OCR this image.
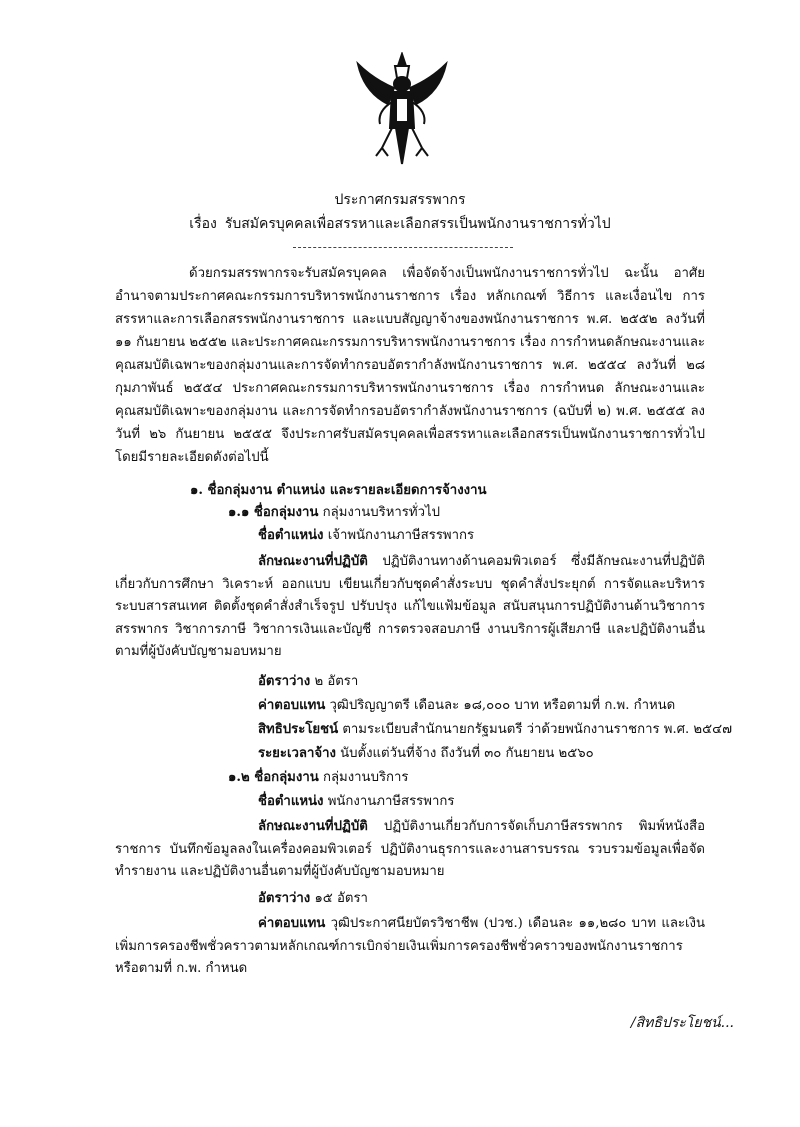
ประกาศกรมสรรพากร
เรื่อง รับสมัครบุคคลเพื่อสรรหาและเลือกสรรเป็นพนักงานราชการทั่วไป
ด้วยกรมสรรพากรจะรับสมัครบุคคล เพื่อจัดจ้างเป็นพนักงานราชการทั่วไป ฉะนั้น อาศัยอำนาจตามประกาศคณะกรรมการบริหารพนักงานราชการ เรื่อง หลักเกณฑ์ วิธีการ และเงื่อนไข การสรรหาและการเลือกสรรพนักงานราชการ และแบบสัญญาจ้างของพนักงานราชการ พ.ศ. ๒๕๕๒ ลงวันที่ ๑๑ กันยายน ๒๕๕๒ และประกาศคณะกรรมการบริหารพนักงานราชการ เรื่อง การกำหนดลักษณะงานและคุณสมบัติเฉพาะของกลุ่มงานและการจัดทำกรอบอัตรากำลังพนักงานราชการ พ.ศ. ๒๕๕๔ ลงวันที่ ๒๘ กุมภาพันธ์ ๒๕๕๔ ประกาศคณะกรรมการบริหารพนักงานราชการ เรื่อง การกำหนด ลักษณะงานและคุณสมบัติเฉพาะของกลุ่มงาน และการจัดทำกรอบอัตรากำลังพนักงานราชการ (ฉบับที่ ๒) พ.ศ. ๒๕๕๕ ลงวันที่ ๒๖ กันยายน ๒๕๕๕ จึงประกาศรับสมัครบุคคลเพื่อสรรหาและเลือกสรรเป็นพนักงานราชการทั่วไป โดยมีรายละเอียดดังต่อไปนี้
๑. ชื่อกลุ่มงาน ตำแหน่ง และรายละเอียดการจ้างงาน
๑.๑ ชื่อกลุ่มงาน กลุ่มงานบริหารทั่วไป
ชื่อตำแหน่ง เจ้าพนักงานภาษีสรรพากร
ลักษณะงานที่ปฏิบัติ ปฏิบัติงานทางด้านคอมพิวเตอร์ ซึ่งมีลักษณะงานที่ปฏิบัติเกี่ยวกับการศึกษา วิเคราะห์ ออกแบบ เขียนเกี่ยวกับชุดคำสั่งระบบ ชุดคำสั่งประยุกต์ การจัดและบริหารระบบสารสนเทศ ติดตั้งชุดคำสั่งสำเร็จรูป ปรับปรุง แก้ไขแฟ้มข้อมูล สนับสนุนการปฏิบัติงานด้านวิชาการสรรพากร วิชาการภาษี วิชาการเงินและบัญชี การตรวจสอบภาษี งานบริการผู้เสียภาษี และปฏิบัติงานอื่นตามที่ผู้บังคับบัญชามอบหมาย
อัตราว่าง ๒ อัตรา
ค่าตอบแทน วุฒิปริญญาตรี เดือนละ ๑๘,๐๐๐ บาท หรือตามที่ ก.พ. กำหนด
สิทธิประโยชน์ ตามระเบียบสำนักนายกรัฐมนตรี ว่าด้วยพนักงานราชการ พ.ศ. ๒๕๔๗
ระยะเวลาจ้าง นับตั้งแต่วันที่จ้าง ถึงวันที่ ๓๐ กันยายน ๒๕๖๐
๑.๒ ชื่อกลุ่มงาน กลุ่มงานบริการ
ชื่อตำแหน่ง พนักงานภาษีสรรพากร
ลักษณะงานที่ปฏิบัติ ปฏิบัติงานเกี่ยวกับการจัดเก็บภาษีสรรพากร พิมพ์หนังสือราชการ บันทึกข้อมูลลงในเครื่องคอมพิวเตอร์ ปฏิบัติงานธุรการและงานสารบรรณ รวบรวมข้อมูลเพื่อจัดทำรายงาน และปฏิบัติงานอื่นตามที่ผู้บังคับบัญชามอบหมาย
อัตราว่าง ๑๕ อัตรา
ค่าตอบแทน วุฒิประกาศนียบัตรวิชาชีพ (ปวช.) เดือนละ ๑๑,๒๘๐ บาท และเงินเพิ่มการครองชีพชั่วคราวตามหลักเกณฑ์การเบิกจ่ายเงินเพิ่มการครองชีพชั่วคราวของพนักงานราชการ หรือตามที่ ก.พ. กำหนด
/สิทธิประโยชน์...
